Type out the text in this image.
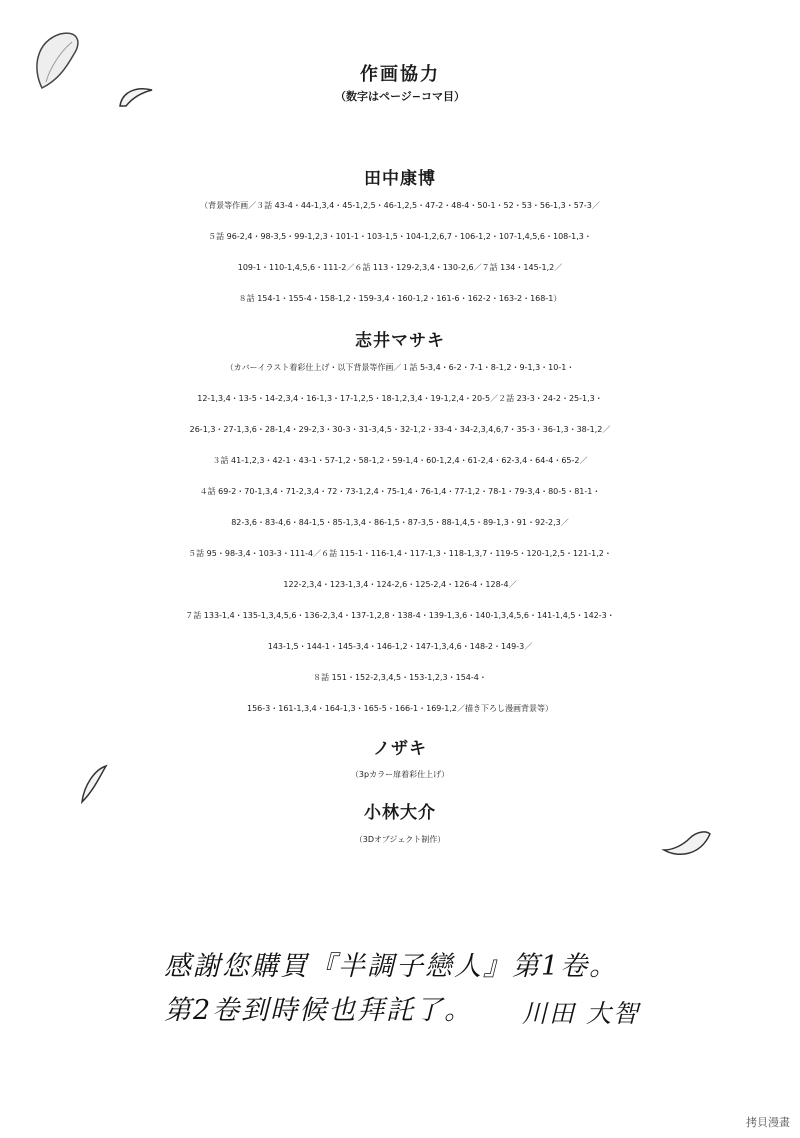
作画協力
（数字はページ−コマ目）
田中康博
（背景等作画／３話 43-4・44-1,3,4・45-1,2,5・46-1,2,5・47-2・48-4・50-1・52・53・56-1,3・57-3／
５話 96-2,4・98-3,5・99-1,2,3・101-1・103-1,5・104-1,2,6,7・106-1,2・107-1,4,5,6・108-1,3・
109-1・110-1,4,5,6・111-2／６話 113・129-2,3,4・130-2,6／７話 134・145-1,2／
８話 154-1・155-4・158-1,2・159-3,4・160-1,2・161-6・162-2・163-2・168-1）
志井マサキ
（カバーイラスト着彩仕上げ・以下背景等作画／１話 5-3,4・6-2・7-1・8-1,2・9-1,3・10-1・
12-1,3,4・13-5・14-2,3,4・16-1,3・17-1,2,5・18-1,2,3,4・19-1,2,4・20-5／２話 23-3・24-2・25-1,3・
26-1,3・27-1,3,6・28-1,4・29-2,3・30-3・31-3,4,5・32-1,2・33-4・34-2,3,4,6,7・35-3・36-1,3・38-1,2／
３話 41-1,2,3・42-1・43-1・57-1,2・58-1,2・59-1,4・60-1,2,4・61-2,4・62-3,4・64-4・65-2／
４話 69-2・70-1,3,4・71-2,3,4・72・73-1,2,4・75-1,4・76-1,4・77-1,2・78-1・79-3,4・80-5・81-1・
82-3,6・83-4,6・84-1,5・85-1,3,4・86-1,5・87-3,5・88-1,4,5・89-1,3・91・92-2,3／
５話 95・98-3,4・103-3・111-4／６話 115-1・116-1,4・117-1,3・118-1,3,7・119-5・120-1,2,5・121-1,2・
122-2,3,4・123-1,3,4・124-2,6・125-2,4・126-4・128-4／
７話 133-1,4・135-1,3,4,5,6・136-2,3,4・137-1,2,8・138-4・139-1,3,6・140-1,3,4,5,6・141-1,4,5・142-3・
143-1,5・144-1・145-3,4・146-1,2・147-1,3,4,6・148-2・149-3／
８話 151・152-2,3,4,5・153-1,2,3・154-4・
156-3・161-1,3,4・164-1,3・165-5・166-1・169-1,2／描き下ろし漫画背景等）
ノザキ
（3pカラー扉着彩仕上げ）
小林大介
（3Dオブジェクト制作）
感謝您購買『半調子戀人』第1卷。
第2卷到時候也拜託了。 川田 大智
拷貝漫畫
